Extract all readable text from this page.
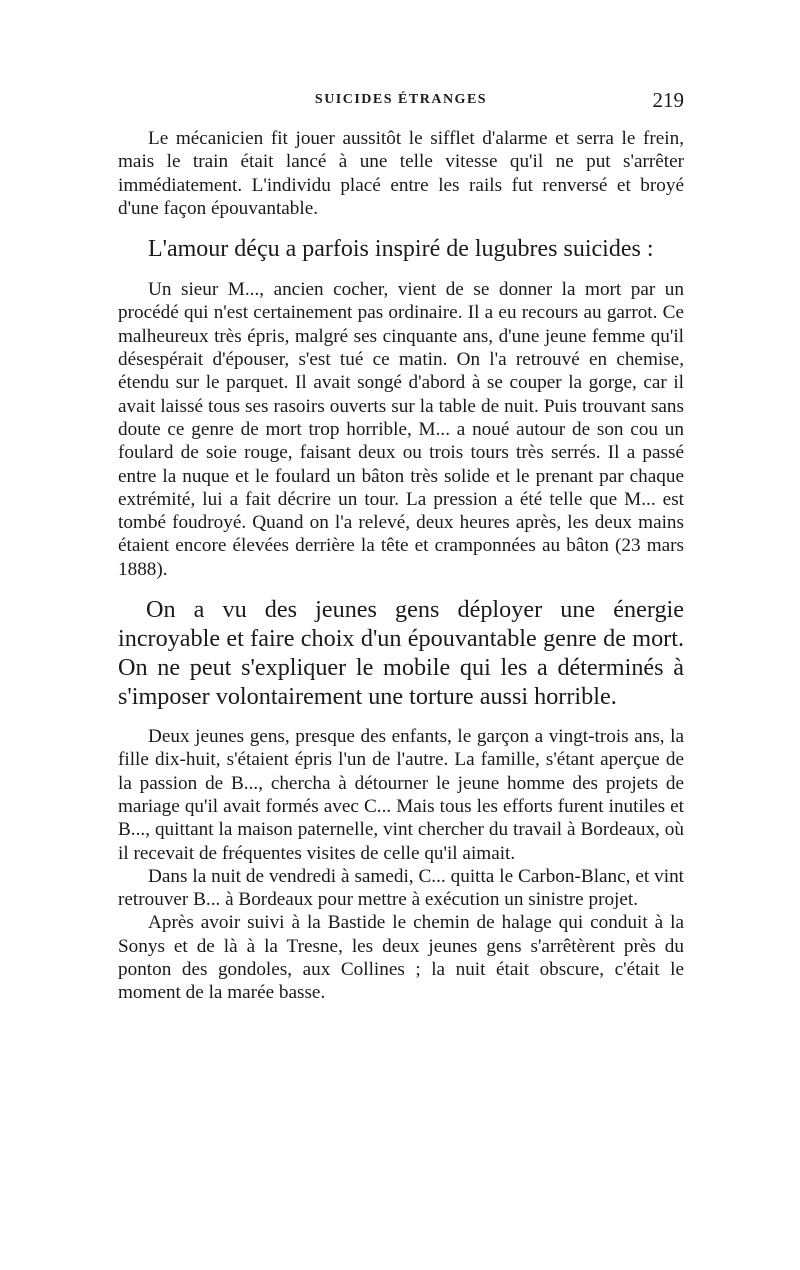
SUICIDES ÉTRANGES	219

Le mécanicien fit jouer aussitôt le sifflet d'alarme et serra le frein, mais le train était lancé à une telle vitesse qu'il ne put s'arrêter immédiatement. L'individu placé entre les rails fut renversé et broyé d'une façon épouvantable.

L'amour déçu a parfois inspiré de lugubres suicides :

Un sieur M..., ancien cocher, vient de se donner la mort par un procédé qui n'est certainement pas ordinaire. Il a eu recours au garrot. Ce malheureux très épris, malgré ses cinquante ans, d'une jeune femme qu'il désespérait d'épouser, s'est tué ce matin. On l'a retrouvé en chemise, étendu sur le parquet. Il avait songé d'abord à se couper la gorge, car il avait laissé tous ses rasoirs ouverts sur la table de nuit. Puis trouvant sans doute ce genre de mort trop horrible, M... a noué autour de son cou un foulard de soie rouge, faisant deux ou trois tours très serrés. Il a passé entre la nuque et le foulard un bâton très solide et le prenant par chaque extrémité, lui a fait décrire un tour. La pression a été telle que M... est tombé foudroyé. Quand on l'a relevé, deux heures après, les deux mains étaient encore élevées derrière la tête et cramponnées au bâton (23 mars 1888).

On a vu des jeunes gens déployer une énergie incroyable et faire choix d'un épouvantable genre de mort. On ne peut s'expliquer le mobile qui les a déterminés à s'imposer volontairement une torture aussi horrible.

Deux jeunes gens, presque des enfants, le garçon a vingt-trois ans, la fille dix-huit, s'étaient épris l'un de l'autre. La famille, s'étant aperçue de la passion de B..., chercha à détourner le jeune homme des projets de mariage qu'il avait formés avec C... Mais tous les efforts furent inutiles et B..., quittant la maison paternelle, vint chercher du travail à Bordeaux, où il recevait de fréquentes visites de celle qu'il aimait.

Dans la nuit de vendredi à samedi, C... quitta le Carbon-Blanc, et vint retrouver B... à Bordeaux pour mettre à exécution un sinistre projet.

Après avoir suivi à la Bastide le chemin de halage qui conduit à la Sonys et de là à la Tresne, les deux jeunes gens s'arrêtèrent près du ponton des gondoles, aux Collines ; la nuit était obscure, c'était le moment de la marée basse.
